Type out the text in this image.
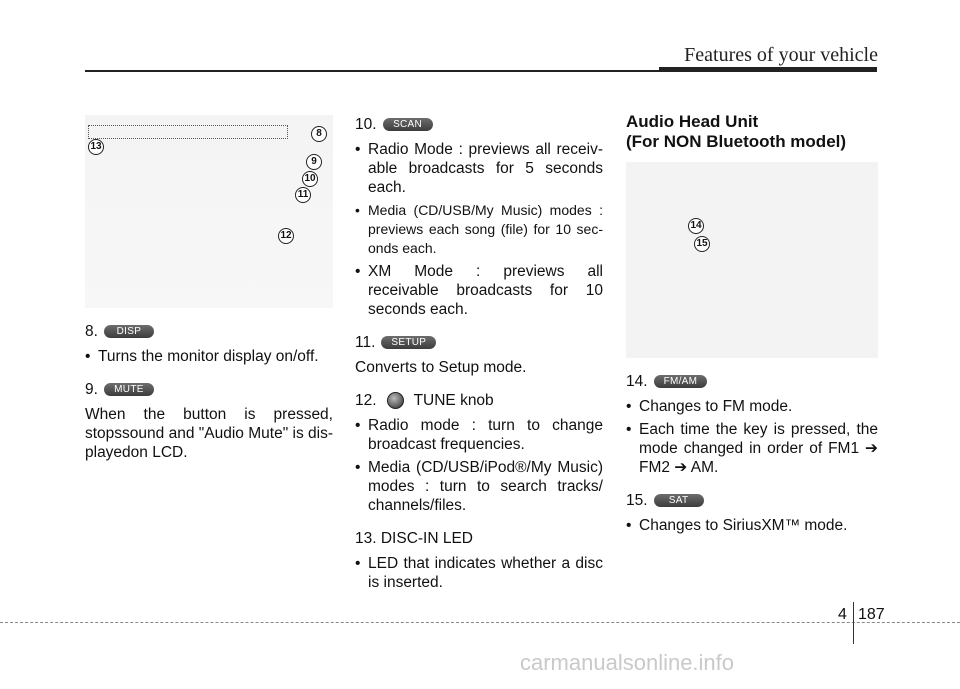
Features of your vehicle
8
9
10
11
12
13
8.	DISP
• Turns the monitor display on/off.
9.	MUTE

When the button is pressed, stopssound and "Audio Mute" is dis-playedon LCD.

10.	SCAN
• Radio Mode : previews all receiv-able broadcasts for 5 seconds each.
• Media (CD/USB/My Music) modes : previews each song (file) for 10 sec-onds each.
• XM Mode : previews all receivable broadcasts for 10 seconds each.
11.	SETUP

Converts to Setup mode.

12. TUNE knob
• Radio mode : turn to change broadcast frequencies.
• Media (CD/USB/iPod®/My Music) modes : turn to search tracks/ channels/files.
13. DISC-IN LED
• LED that indicates whether a disc is inserted.
Audio Head Unit
(For NON Bluetooth model)
14
15
14.	FM/AM
• Changes to FM mode.
• Each time the key is pressed, the mode changed in order of FM1 ➔ FM2 ➔ AM.
15.	SAT
• Changes to SiriusXM™ mode.
4 187
carmanualsonline.info
